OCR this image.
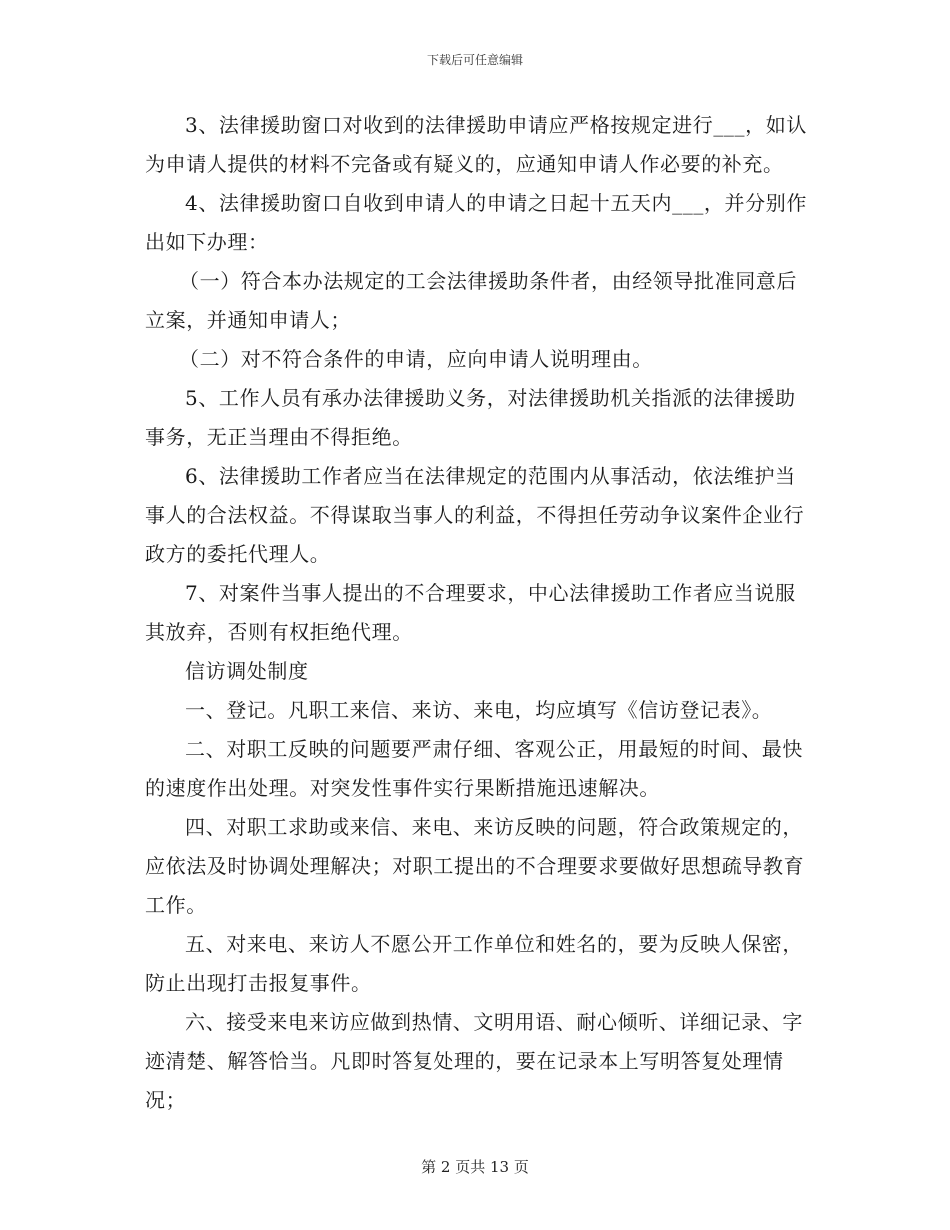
下载后可任意编辑

3、法律援助窗口对收到的法律援助申请应严格按规定进行___，如认为申请人提供的材料不完备或有疑义的，应通知申请人作必要的补充。

4、法律援助窗口自收到申请人的申请之日起十五天内___，并分别作出如下办理：

（一）符合本办法规定的工会法律援助条件者，由经领导批准同意后立案，并通知申请人；

（二）对不符合条件的申请，应向申请人说明理由。

5、工作人员有承办法律援助义务，对法律援助机关指派的法律援助事务，无正当理由不得拒绝。

6、法律援助工作者应当在法律规定的范围内从事活动，依法维护当事人的合法权益。不得谋取当事人的利益，不得担任劳动争议案件企业行政方的委托代理人。

7、对案件当事人提出的不合理要求，中心法律援助工作者应当说服其放弃，否则有权拒绝代理。

信访调处制度

一、登记。凡职工来信、来访、来电，均应填写《信访登记表》。

二、对职工反映的问题要严肃仔细、客观公正，用最短的时间、最快的速度作出处理。对突发性事件实行果断措施迅速解决。

四、对职工求助或来信、来电、来访反映的问题，符合政策规定的，应依法及时协调处理解决；对职工提出的不合理要求要做好思想疏导教育工作。

五、对来电、来访人不愿公开工作单位和姓名的，要为反映人保密，防止出现打击报复事件。

六、接受来电来访应做到热情、文明用语、耐心倾听、详细记录、字迹清楚、解答恰当。凡即时答复处理的，要在记录本上写明答复处理情况；

第 2 页共 13 页
